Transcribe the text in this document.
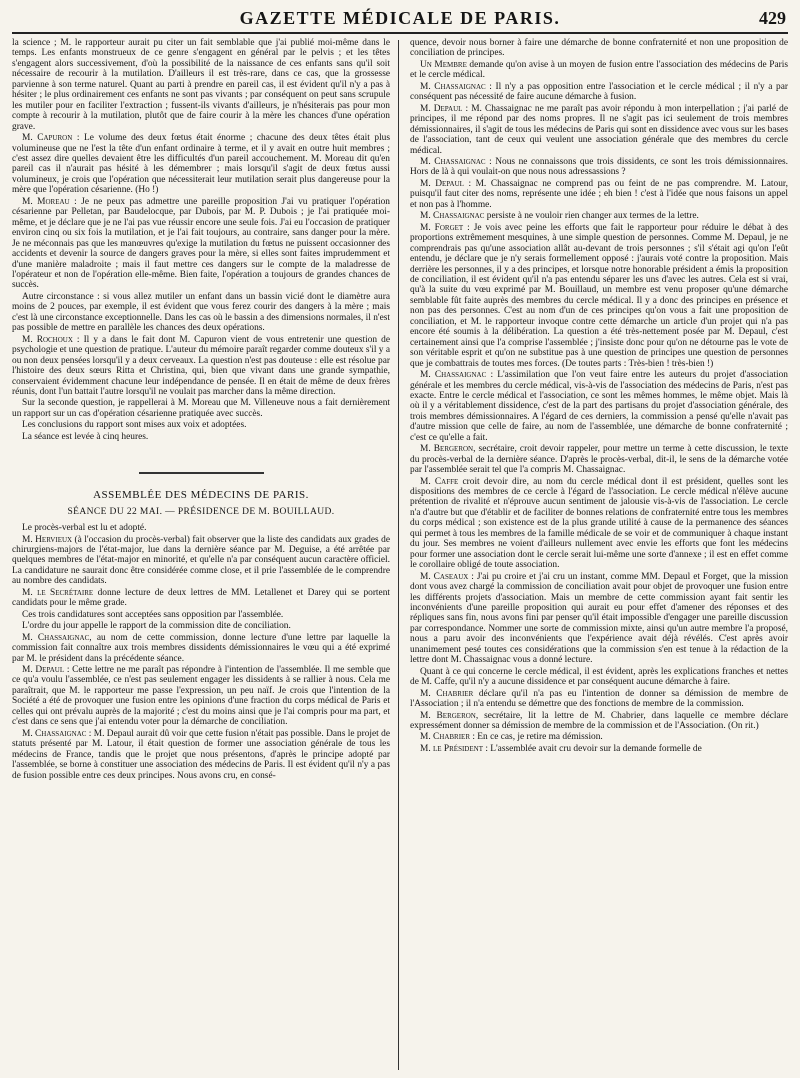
GAZETTE MÉDICALE DE PARIS.	429

la science ; M. le rapporteur aurait pu citer un fait semblable que j'ai publié moi-même dans le temps. Les enfants monstrueux de ce genre s'engagent en général par le pelvis ; et les têtes s'engagent alors successivement, d'où la possibilité de la naissance de ces enfants sans qu'il soit nécessaire de recourir à la mutilation. D'ailleurs il est très-rare, dans ce cas, que la grossesse parvienne à son terme naturel. Quant au parti à prendre en pareil cas, il est évident qu'il n'y a pas à hésiter ; le plus ordinairement ces enfants ne sont pas vivants ; par conséquent on peut sans scrupule les mutiler pour en faciliter l'extraction ; fussent-ils vivants d'ailleurs, je n'hésiterais pas pour mon compte à recourir à la mutilation, plutôt que de faire courir à la mère les chances d'une opération grave.

M. Capuron : Le volume des deux fœtus était énorme ; chacune des deux têtes était plus volumineuse que ne l'est la tête d'un enfant ordinaire à terme, et il y avait en outre huit membres ; c'est assez dire quelles devaient être les difficultés d'un pareil accouchement. M. Moreau dit qu'en pareil cas il n'aurait pas hésité à les démembrer ; mais lorsqu'il s'agit de deux fœtus aussi volumineux, je crois que l'opération que nécessiterait leur mutilation serait plus dangereuse pour la mère que l'opération césarienne. (Ho !)

M. Moreau : Je ne peux pas admettre une pareille proposition J'ai vu pratiquer l'opération césarienne par Pelletan, par Baudelocque, par Dubois, par M. P. Dubois ; je l'ai pratiquée moi-même, et je déclare que je ne l'ai pas vue réussir encore une seule fois. J'ai eu l'occasion de pratiquer environ cinq ou six fois la mutilation, et je l'ai fait toujours, au contraire, sans danger pour la mère. Je ne méconnais pas que les manœuvres qu'exige la mutilation du fœtus ne puissent occasionner des accidents et devenir la source de dangers graves pour la mère, si elles sont faites imprudemment et d'une manière maladroite ; mais il faut mettre ces dangers sur le compte de la maladresse de l'opérateur et non de l'opération elle-même. Bien faite, l'opération a toujours de grandes chances de succès.

Autre circonstance : si vous allez mutiler un enfant dans un bassin vicié dont le diamètre aura moins de 2 pouces, par exemple, il est évident que vous ferez courir des dangers à la mère ; mais c'est là une circonstance exceptionnelle. Dans les cas où le bassin a des dimensions normales, il n'est pas possible de mettre en parallèle les chances des deux opérations.

M. Rochoux : Il y a dans le fait dont M. Capuron vient de vous entretenir une question de psychologie et une question de pratique. L'auteur du mémoire paraît regarder comme douteux s'il y a ou non deux pensées lorsqu'il y a deux cerveaux. La question n'est pas douteuse : elle est résolue par l'histoire des deux sœurs Ritta et Christina, qui, bien que vivant dans une grande sympathie, conservaient évidemment chacune leur indépendance de pensée. Il en était de même de deux frères réunis, dont l'un battait l'autre lorsqu'il ne voulait pas marcher dans la même direction.

Sur la seconde question, je rappellerai à M. Moreau que M. Villeneuve nous a fait dernièrement un rapport sur un cas d'opération césarienne pratiquée avec succès.

Les conclusions du rapport sont mises aux voix et adoptées.

La séance est levée à cinq heures.

ASSEMBLÉE DES MÉDECINS DE PARIS.
SÉANCE DU 22 MAI. — PRÉSIDENCE DE M. BOUILLAUD.

Le procès-verbal est lu et adopté.

M. Hervieux (à l'occasion du procès-verbal) fait observer que la liste des candidats aux grades de chirurgiens-majors de l'état-major, lue dans la dernière séance par M. Deguise, a été arrêtée par quelques membres de l'état-major en minorité, et qu'elle n'a par conséquent aucun caractère officiel. La candidature ne saurait donc être considérée comme close, et il prie l'assemblée de le comprendre au nombre des candidats.

M. le Secrétaire donne lecture de deux lettres de MM. Letallenet et Darey qui se portent candidats pour le même grade.

Ces trois candidatures sont acceptées sans opposition par l'assemblée.

L'ordre du jour appelle le rapport de la commission dite de conciliation.

M. Chassaignac, au nom de cette commission, donne lecture d'une lettre par laquelle la commission fait connaître aux trois membres dissidents démissionnaires le vœu qui a été exprimé par M. le président dans la précédente séance.

M. Depaul : Cette lettre ne me paraît pas répondre à l'intention de l'assemblée. Il me semble que ce qu'a voulu l'assemblée, ce n'est pas seulement engager les dissidents à se rallier à nous. Cela me paraîtrait, que M. le rapporteur me passe l'expression, un peu naïf. Je crois que l'intention de la Société a été de provoquer une fusion entre les opinions d'une fraction du corps médical de Paris et celles qui ont prévalu auprès de la majorité ; c'est du moins ainsi que je l'ai compris pour ma part, et c'est dans ce sens que j'ai entendu voter pour la démarche de conciliation.

M. Chassaignac : M. Depaul aurait dû voir que cette fusion n'était pas possible. Dans le projet de statuts présenté par M. Latour, il était question de former une association générale de tous les médecins de France, tandis que le projet que nous présentons, d'après le principe adopté par l'assemblée, se borne à constituer une association des médecins de Paris. Il est évident qu'il n'y a pas de fusion possible entre ces deux principes. Nous avons cru, en consé-

quence, devoir nous borner à faire une démarche de bonne confraternité et non une proposition de conciliation de principes.

Un Membre demande qu'on avise à un moyen de fusion entre l'association des médecins de Paris et le cercle médical.

M. Chassaignac : Il n'y a pas opposition entre l'association et le cercle médical ; il n'y a par conséquent pas nécessité de faire aucune démarche à fusion.

M. Depaul : M. Chassaignac ne me paraît pas avoir répondu à mon interpellation ; j'ai parlé de principes, il me répond par des noms propres. Il ne s'agit pas ici seulement de trois membres démissionnaires, il s'agit de tous les médecins de Paris qui sont en dissidence avec vous sur les bases de l'association, tant de ceux qui veulent une association générale que des membres du cercle médical.

M. Chassaignac : Nous ne connaissons que trois dissidents, ce sont les trois démissionnaires. Hors de là à qui voulait-on que nous nous adressassions ?

M. Depaul : M. Chassaignac ne comprend pas ou feint de ne pas comprendre. M. Latour, puisqu'il faut citer des noms, représente une idée ; eh bien ! c'est à l'idée que nous faisons un appel et non pas à l'homme.

M. Chassaignac persiste à ne vouloir rien changer aux termes de la lettre.

M. Forget : Je vois avec peine les efforts que fait le rapporteur pour réduire le débat à des proportions extrêmement mesquines, à une simple question de personnes. Comme M. Depaul, je ne comprendrais pas qu'une association allât au-devant de trois personnes ; s'il s'était agi qu'on l'eût entendu, je déclare que je n'y serais formellement opposé : j'aurais voté contre la proposition. Mais derrière les personnes, il y a des principes, et lorsque notre honorable président a émis la proposition de conciliation, il est évident qu'il n'a pas entendu séparer les uns d'avec les autres. Cela est si vrai, qu'à la suite du vœu exprimé par M. Bouillaud, un membre est venu proposer qu'une démarche semblable fût faite auprès des membres du cercle médical. Il y a donc des principes en présence et non pas des personnes. C'est au nom d'un de ces principes qu'on vous a fait une proposition de conciliation, et M. le rapporteur invoque contre cette démarche un article d'un projet qui n'a pas encore été soumis à la délibération. La question a été très-nettement posée par M. Depaul, c'est certainement ainsi que l'a comprise l'assemblée ; j'insiste donc pour qu'on ne détourne pas le vote de son véritable esprit et qu'on ne substitue pas à une question de principes une question de personnes que je combattrais de toutes mes forces. (De toutes parts : Très-bien ! très-bien !)

M. Chassaignac : L'assimilation que l'on veut faire entre les auteurs du projet d'association générale et les membres du cercle médical, vis-à-vis de l'association des médecins de Paris, n'est pas exacte. Entre le cercle médical et l'association, ce sont les mêmes hommes, le même objet. Mais là où il y a véritablement dissidence, c'est de la part des partisans du projet d'association générale, des trois membres démissionnaires. A l'égard de ces derniers, la commission a pensé qu'elle n'avait pas d'autre mission que celle de faire, au nom de l'assemblée, une démarche de bonne confraternité ; c'est ce qu'elle a fait.

M. Bergeron, secrétaire, croit devoir rappeler, pour mettre un terme à cette discussion, le texte du procès-verbal de la dernière séance. D'après le procès-verbal, dit-il, le sens de la démarche votée par l'assemblée serait tel que l'a compris M. Chassaignac.

M. Caffe croit devoir dire, au nom du cercle médical dont il est président, quelles sont les dispositions des membres de ce cercle à l'égard de l'association. Le cercle médical n'élève aucune prétention de rivalité et n'éprouve aucun sentiment de jalousie vis-à-vis de l'association. Le cercle n'a d'autre but que d'établir et de faciliter de bonnes relations de confraternité entre tous les membres du corps médical ; son existence est de la plus grande utilité à cause de la permanence des séances qui permet à tous les membres de la famille médicale de se voir et de communiquer à chaque instant du jour. Ses membres ne voient d'ailleurs nullement avec envie les efforts que font les médecins pour former une association dont le cercle serait lui-même une sorte d'annexe ; il est en effet comme le corollaire obligé de toute association.

M. Caseaux : J'ai pu croire et j'ai cru un instant, comme MM. Depaul et Forget, que la mission dont vous avez chargé la commission de conciliation avait pour objet de provoquer une fusion entre les différents projets d'association. Mais un membre de cette commission ayant fait sentir les inconvénients d'une pareille proposition qui aurait eu pour effet d'amener des réponses et des répliques sans fin, nous avons fini par penser qu'il était impossible d'engager une pareille discussion par correspondance. Nommer une sorte de commission mixte, ainsi qu'un autre membre l'a proposé, nous a paru avoir des inconvénients que l'expérience avait déjà révélés. C'est après avoir unanimement pesé toutes ces considérations que la commission s'en est tenue à la rédaction de la lettre dont M. Chassaignac vous a donné lecture.

Quant à ce qui concerne le cercle médical, il est évident, après les explications franches et nettes de M. Caffe, qu'il n'y a aucune dissidence et par conséquent aucune démarche à faire.

M. Chabrier déclare qu'il n'a pas eu l'intention de donner sa démission de membre de l'Association ; il n'a entendu se démettre que des fonctions de membre de la commission.

M. Bergeron, secrétaire, lit la lettre de M. Chabrier, dans laquelle ce membre déclare expressément donner sa démission de membre de la commission et de l'Association. (On rit.)

M. Chabrier : En ce cas, je retire ma démission.

M. le Président : L'assemblée avait cru devoir sur la demande formelle de
